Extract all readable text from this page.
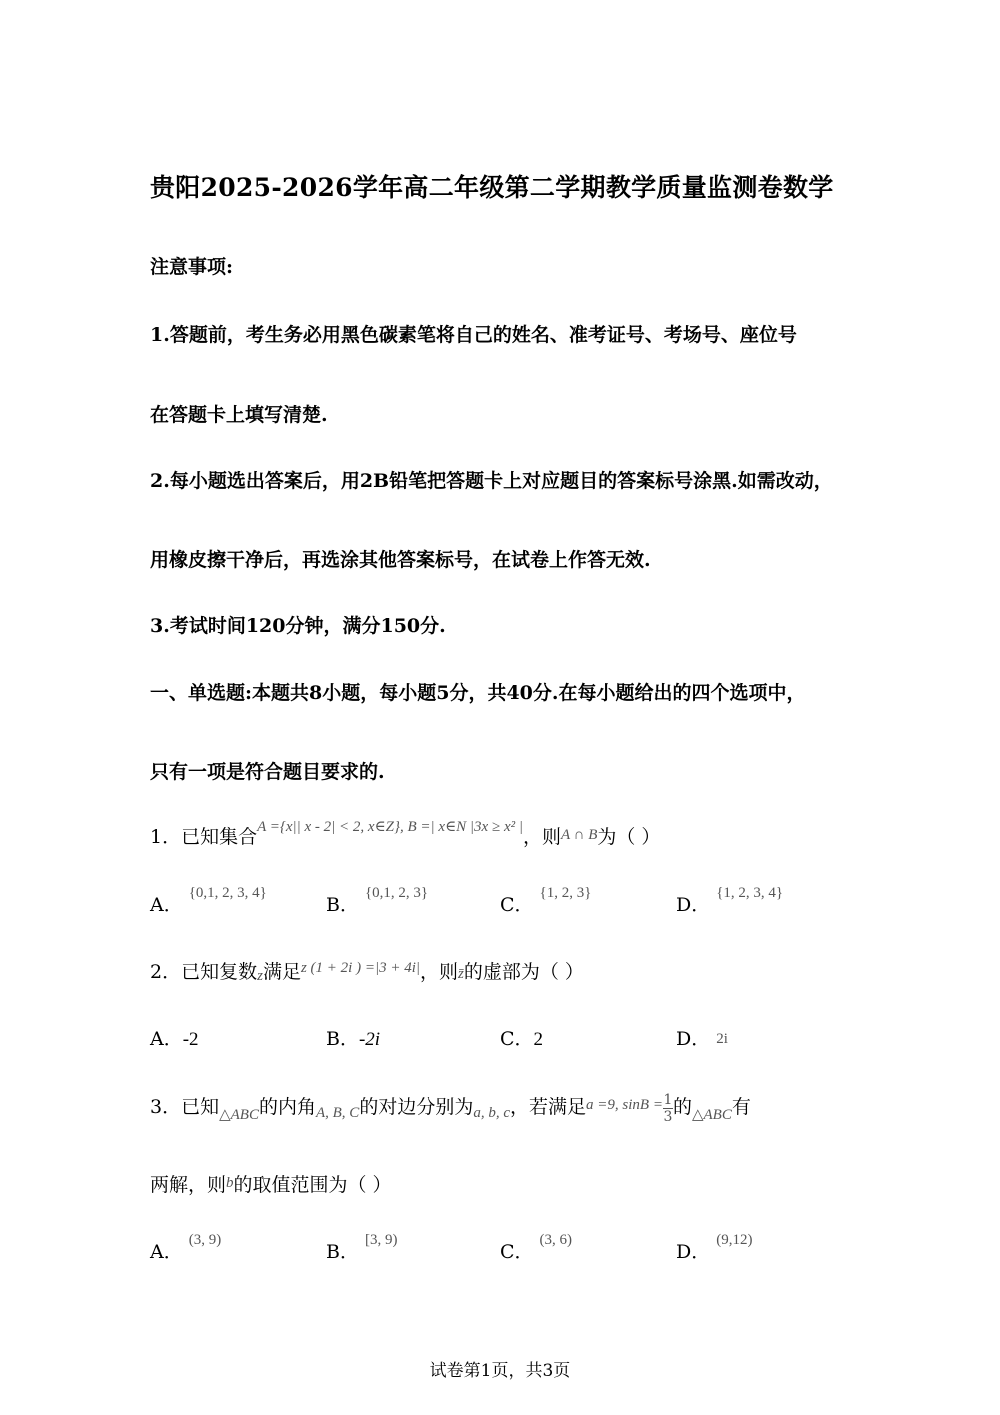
贵阳2025-2026学年高二年级第二学期教学质量监测卷数学
注意事项:
1.答题前，考生务必用黑色碳素笔将自己的姓名、准考证号、考场号、座位号
在答题卡上填写清楚.
2.每小题选出答案后，用2B铅笔把答题卡上对应题目的答案标号涂黑.如需改动，
用橡皮擦干净后，再选涂其他答案标号，在试卷上作答无效.
3.考试时间120分钟，满分150分.
一、单选题:本题共8小题，每小题5分，共40分.在每小题给出的四个选项中，
只有一项是符合题目要求的.
1．已知集合$^{A =\{x|| x - 2| < 2, x\in Z\}, B =| x\in N |3x \ge x^2 |}$，则$^{A \cap B}$为（ ）
A．$^{\{0,1, 2, 3, 4\}}$
B．$^{\{0,1, 2, 3\}}$
C．$^{\{1, 2, 3\}}$
D．$^{\{1, 2, 3, 4\}}$
2．已知复数z满足$^{z (1 + 2i ) =|3 + 4i|}$，则z̄的虚部为（ ）
A．-2	B．-2i	C．2	D． 2i
3．已知$_{\triangle ABC}$的内角$_{A, B, C}$的对边分别为$_{a, b, c}$，若满足$^{a =9, sinB =} \frac{1}{3}$ 的$_{\triangle ABC}$有
两解，则$^b$的取值范围为（ ）
A．$^{(3, 9)}$
B．$^{[3, 9)}$
C．$^{(3, 6)}$
D．$^{(9,12)}$
试卷第1页，共3页
